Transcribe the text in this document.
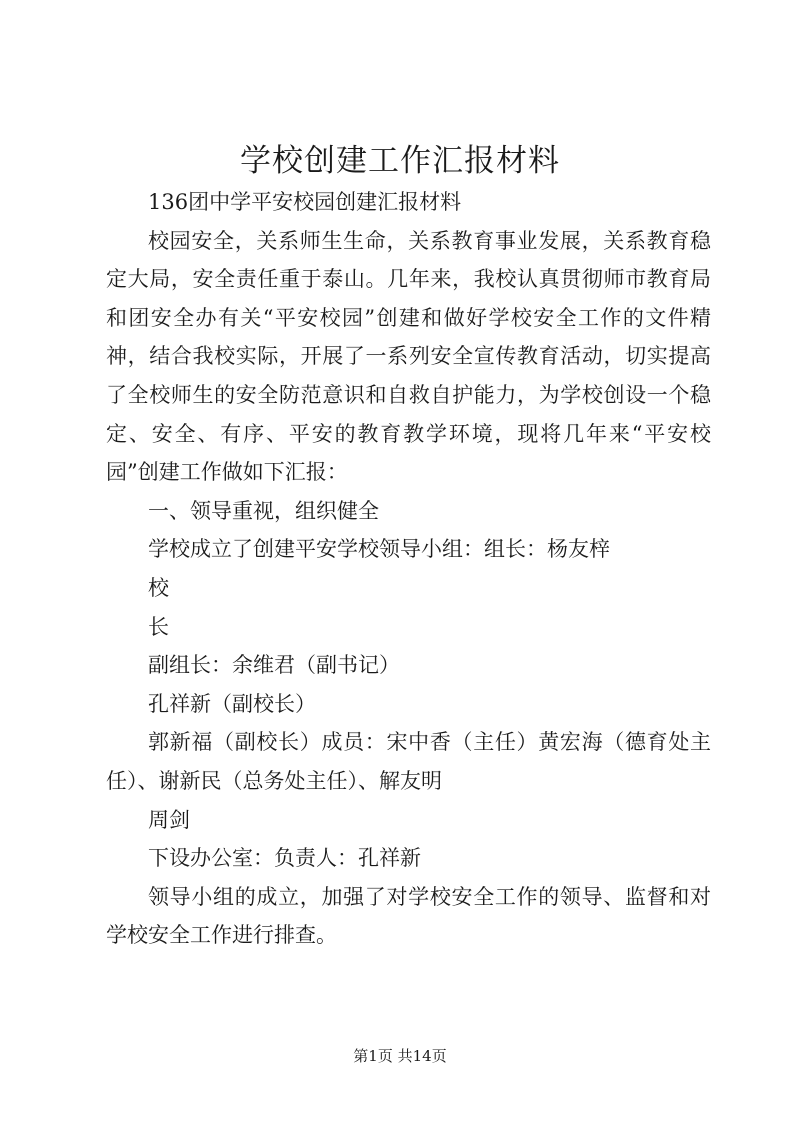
学校创建工作汇报材料

136团中学平安校园创建汇报材料

校园安全，关系师生生命，关系教育事业发展，关系教育稳定大局，安全责任重于泰山。几年来，我校认真贯彻师市教育局和团安全办有关“平安校园”创建和做好学校安全工作的文件精神，结合我校实际，开展了一系列安全宣传教育活动，切实提高了全校师生的安全防范意识和自救自护能力，为学校创设一个稳定、安全、有序、平安的教育教学环境，现将几年来“平安校园”创建工作做如下汇报：

一、领导重视，组织健全

学校成立了创建平安学校领导小组：组长：杨友梓

校

长

副组长：余维君（副书记）

孔祥新（副校长）

郭新福（副校长）成员：宋中香（主任）黄宏海（德育处主任）、谢新民（总务处主任）、解友明

周剑

下设办公室：负责人：孔祥新

领导小组的成立，加强了对学校安全工作的领导、监督和对学校安全工作进行排查。

第1页 共14页
